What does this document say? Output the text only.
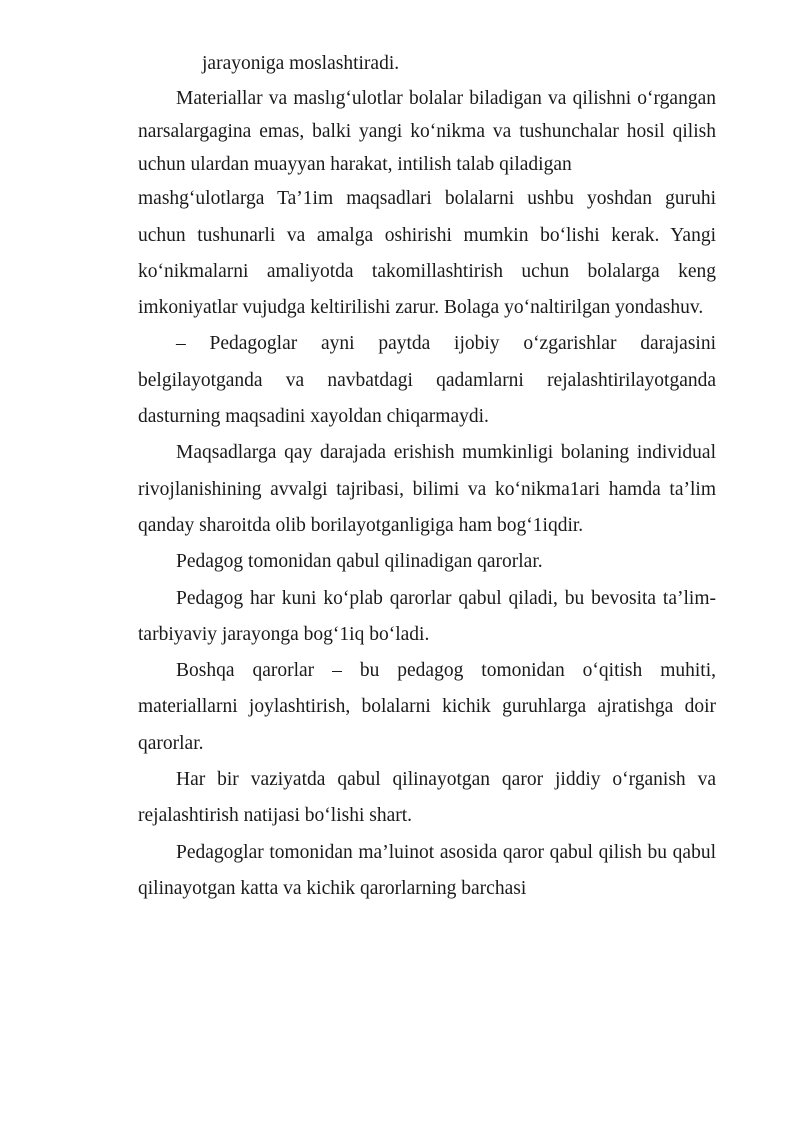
jarayoniga moslashtiradi.

Materiallar va maslıg‘ulotlar bolalar biladigan va qilishni o‘rgangan narsalargagina emas, balki yangi ko‘nikma va tushunchalar hosil qilish uchun ulardan muayyan harakat, intilish talab qiladigan

mashg‘ulotlarga Ta’1im maqsadlari bolalarni ushbu yoshdan guruhi uchun tushunarli va amalga oshirishi mumkin bo‘lishi kerak. Yangi ko‘nikmalarni amaliyotda takomillashtirish uchun bolalarga keng imkoniyatlar vujudga keltirilishi zarur. Bolaga yo‘naltirilgan yondashuv.

– Pedagoglar ayni paytda ijobiy o‘zgarishlar darajasini belgilayotganda va navbatdagi qadamlarni rejalashtirilayotganda dasturning maqsadini xayoldan chiqarmaydi.

Maqsadlarga qay darajada erishish mumkinligi bolaning individual rivojlanishining avvalgi tajribasi, bilimi va ko‘nikma1ari hamda ta’lim qanday sharoitda olib borilayotganligiga ham bog‘1iqdir.

Pedagog tomonidan qabul qilinadigan qarorlar.

Pedagog har kuni ko‘plab qarorlar qabul qiladi, bu bevosita ta’lim-tarbiyaviy jarayonga bog‘1iq bo‘ladi.

Boshqa qarorlar – bu pedagog tomonidan o‘qitish muhiti, materiallarni joylashtirish, bolalarni kichik guruhlarga ajratishga doir qarorlar.

Har bir vaziyatda qabul qilinayotgan qaror jiddiy o‘rganish va rejalashtirish natijasi bo‘lishi shart.

Pedagoglar tomonidan ma’luinot asosida qaror qabul qilish bu qabul qilinayotgan katta va kichik qarorlarning barchasi
